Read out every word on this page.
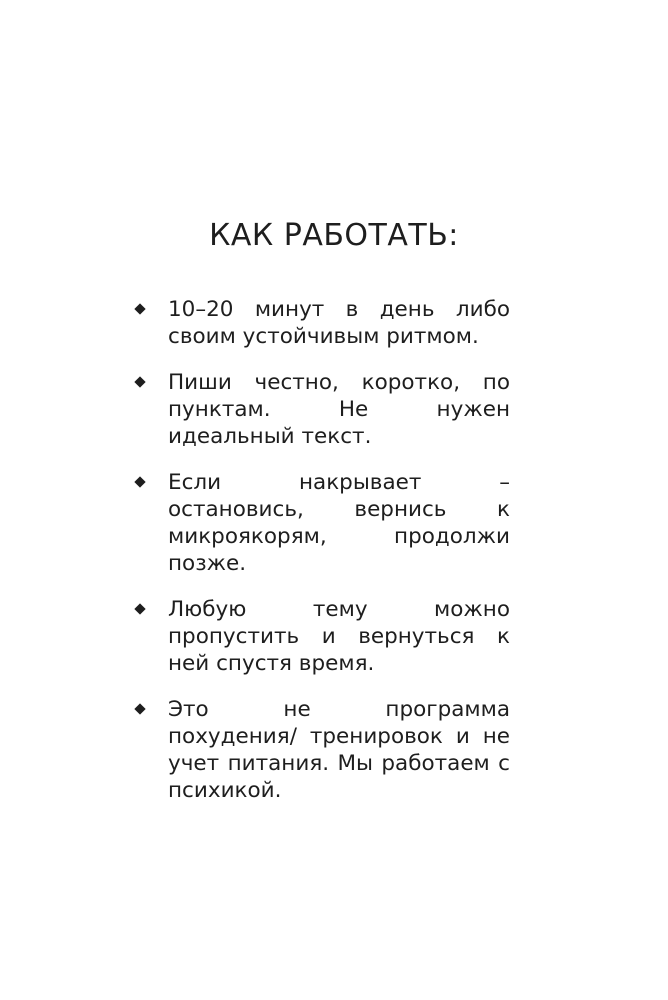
КАК РАБОТАТЬ:

10–20 минут в день либо своим устойчивым ритмом.

Пиши честно, коротко, по пунктам. Не нужен идеальный текст.

Если накрывает – остановись, вернись к микроякорям, продолжи позже.

Любую тему можно пропустить и вернуться к ней спустя время.

Это не программа похудения/ тренировок и не учет питания. Мы работаем с психикой.
